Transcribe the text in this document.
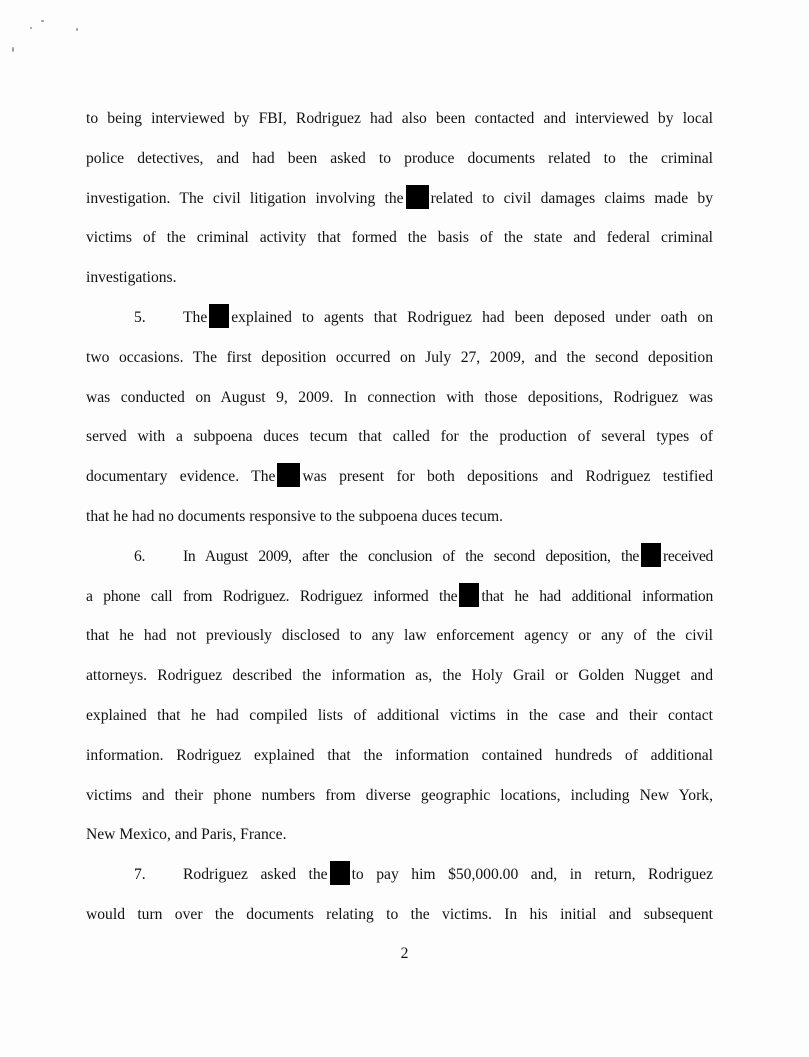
to being interviewed by FBI, Rodriguez had also been contacted and interviewed by local
police detectives, and had been asked to produce documents related to the criminal
investigation. The civil litigation involving the related to civil damages claims made by
victims of the criminal activity that formed the basis of the state and federal criminal
investigations.
5. The explained to agents that Rodriguez had been deposed under oath on
two occasions. The first deposition occurred on July 27, 2009, and the second deposition
was conducted on August 9, 2009. In connection with those depositions, Rodriguez was
served with a subpoena duces tecum that called for the production of several types of
documentary evidence. The was present for both depositions and Rodriguez testified
that he had no documents responsive to the subpoena duces tecum.
6. In August 2009, after the conclusion of the second deposition, the received
a phone call from Rodriguez. Rodriguez informed the that he had additional information
that he had not previously disclosed to any law enforcement agency or any of the civil
attorneys. Rodriguez described the information as, the Holy Grail or Golden Nugget and
explained that he had compiled lists of additional victims in the case and their contact
information. Rodriguez explained that the information contained hundreds of additional
victims and their phone numbers from diverse geographic locations, including New York,
New Mexico, and Paris, France.
7. Rodriguez asked the to pay him $50,000.00 and, in return, Rodriguez
would turn over the documents relating to the victims. In his initial and subsequent
2
